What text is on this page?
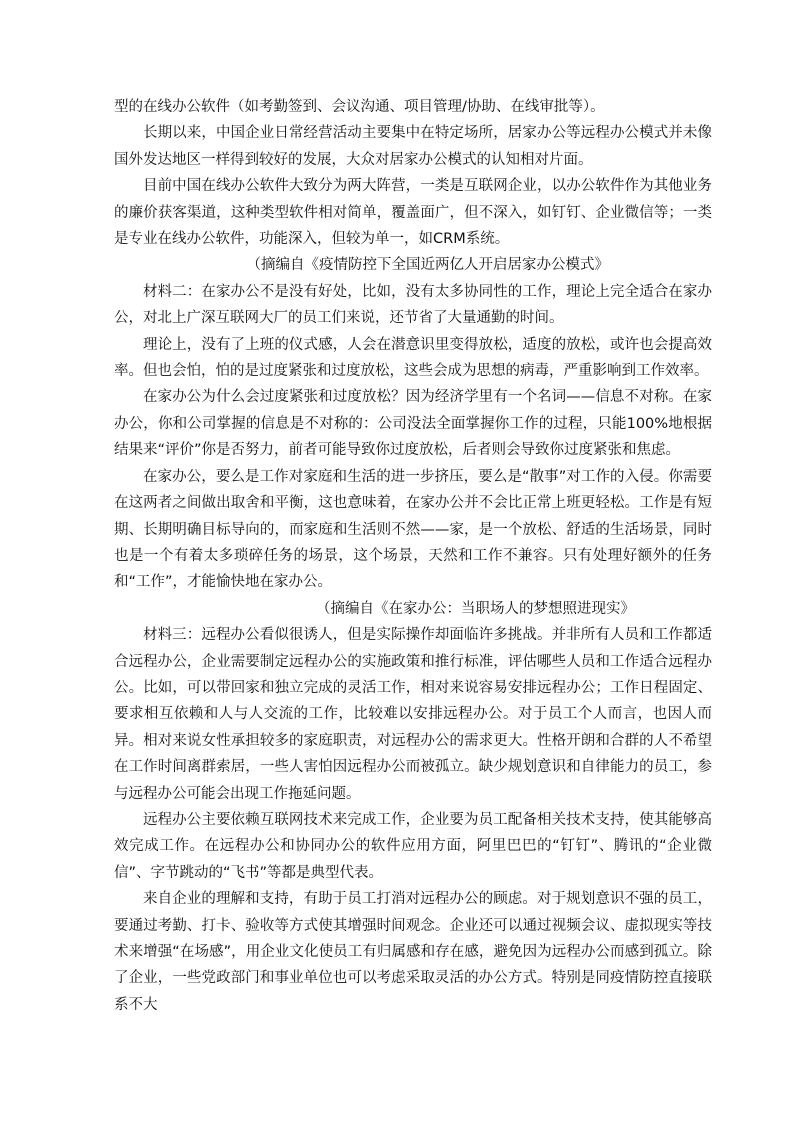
型的在线办公软件（如考勤签到、会议沟通、项目管理/协助、在线审批等）。

长期以来，中国企业日常经营活动主要集中在特定场所，居家办公等远程办公模式并未像国外发达地区一样得到较好的发展，大众对居家办公模式的认知相对片面。

目前中国在线办公软件大致分为两大阵营，一类是互联网企业，以办公软件作为其他业务的廉价获客渠道，这种类型软件相对简单，覆盖面广，但不深入，如钉钉、企业微信等；一类是专业在线办公软件，功能深入，但较为单一，如CRM系统。

（摘编自《疫情防控下全国近两亿人开启居家办公模式》

材料二：在家办公不是没有好处，比如，没有太多协同性的工作，理论上完全适合在家办公，对北上广深互联网大厂的员工们来说，还节省了大量通勤的时间。

理论上，没有了上班的仪式感，人会在潜意识里变得放松，适度的放松，或许也会提高效率。但也会怕，怕的是过度紧张和过度放松，这些会成为思想的病毒，严重影响到工作效率。

在家办公为什么会过度紧张和过度放松？因为经济学里有一个名词——信息不对称。在家办公，你和公司掌握的信息是不对称的：公司没法全面掌握你工作的过程，只能100%地根据结果来“评价”你是否努力，前者可能导致你过度放松，后者则会导致你过度紧张和焦虑。

在家办公，要么是工作对家庭和生活的进一步挤压，要么是“散事”对工作的入侵。你需要在这两者之间做出取舍和平衡，这也意味着，在家办公并不会比正常上班更轻松。工作是有短期、长期明确目标导向的，而家庭和生活则不然——家，是一个放松、舒适的生活场景，同时也是一个有着太多琐碎任务的场景，这个场景，天然和工作不兼容。只有处理好额外的任务和“工作”，才能愉快地在家办公。

（摘编自《在家办公：当职场人的梦想照进现实》

材料三：远程办公看似很诱人，但是实际操作却面临许多挑战。并非所有人员和工作都适合远程办公，企业需要制定远程办公的实施政策和推行标准，评估哪些人员和工作适合远程办公。比如，可以带回家和独立完成的灵活工作，相对来说容易安排远程办公；工作日程固定、要求相互依赖和人与人交流的工作，比较难以安排远程办公。对于员工个人而言，也因人而异。相对来说女性承担较多的家庭职责，对远程办公的需求更大。性格开朗和合群的人不希望在工作时间离群索居，一些人害怕因远程办公而被孤立。缺少规划意识和自律能力的员工，参与远程办公可能会出现工作拖延问题。

远程办公主要依赖互联网技术来完成工作，企业要为员工配备相关技术支持，使其能够高效完成工作。在远程办公和协同办公的软件应用方面，阿里巴巴的“钉钉”、腾讯的“企业微信”、字节跳动的“飞书”等都是典型代表。

来自企业的理解和支持，有助于员工打消对远程办公的顾虑。对于规划意识不强的员工，要通过考勤、打卡、验收等方式使其增强时间观念。企业还可以通过视频会议、虚拟现实等技术来增强“在场感”，用企业文化使员工有归属感和存在感，避免因为远程办公而感到孤立。除了企业，一些党政部门和事业单位也可以考虑采取灵活的办公方式。特别是同疫情防控直接联系不大
